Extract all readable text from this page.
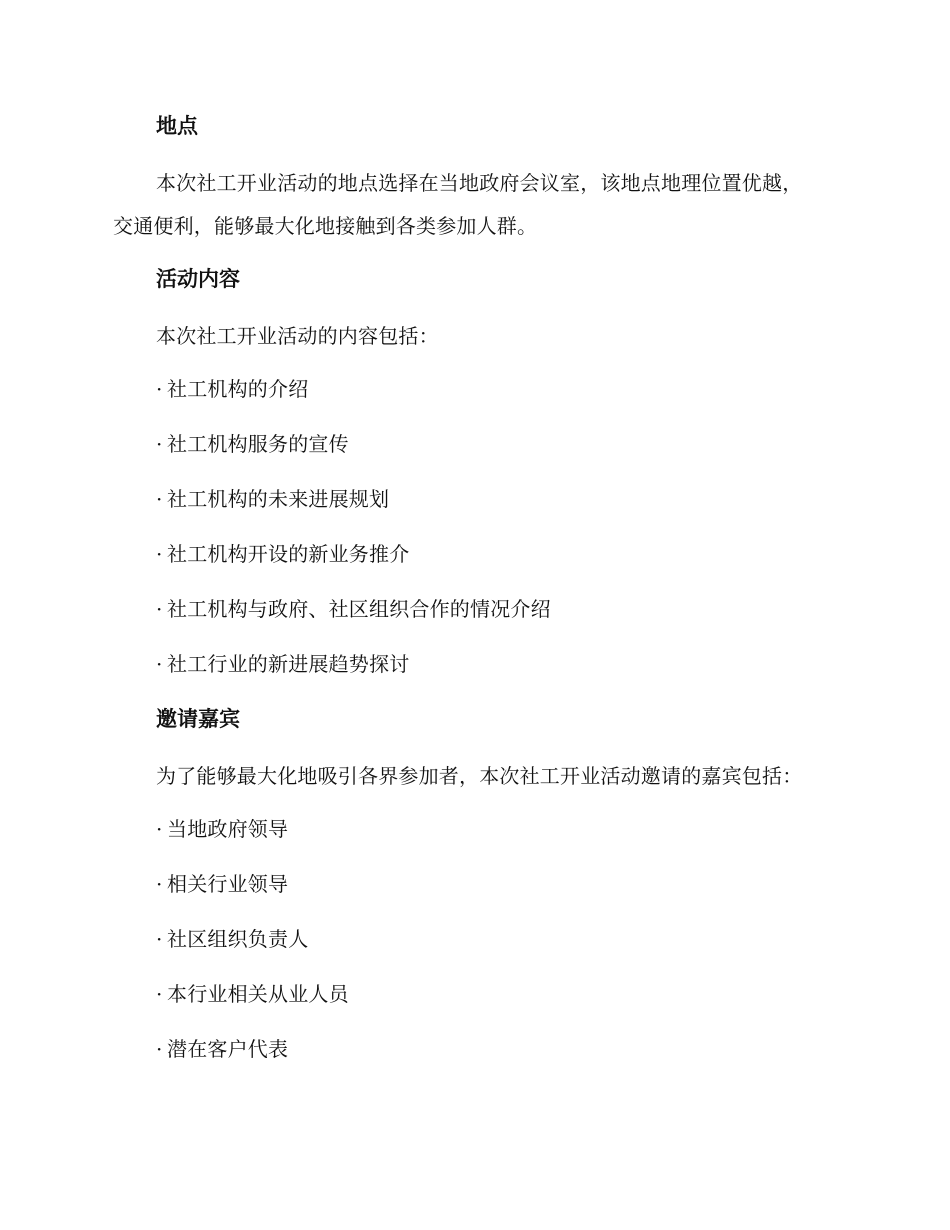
地点
本次社工开业活动的地点选择在当地政府会议室，该地点地理位置优越，交通便利，能够最大化地接触到各类参加人群。
活动内容
本次社工开业活动的内容包括：
· 社工机构的介绍
· 社工机构服务的宣传
· 社工机构的未来进展规划
· 社工机构开设的新业务推介
· 社工机构与政府、社区组织合作的情况介绍
· 社工行业的新进展趋势探讨
邀请嘉宾
为了能够最大化地吸引各界参加者，本次社工开业活动邀请的嘉宾包括：
· 当地政府领导
· 相关行业领导
· 社区组织负责人
· 本行业相关从业人员
· 潜在客户代表
